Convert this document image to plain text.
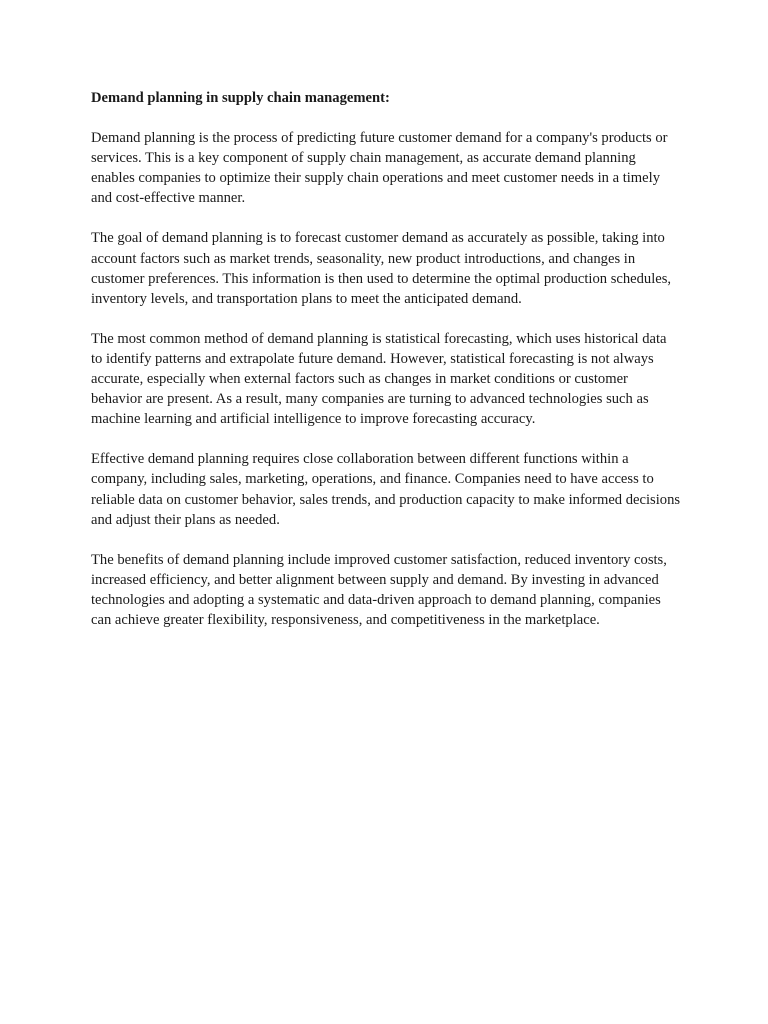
Demand planning in supply chain management:

Demand planning is the process of predicting future customer demand for a company's products or services. This is a key component of supply chain management, as accurate demand planning enables companies to optimize their supply chain operations and meet customer needs in a timely and cost-effective manner.

The goal of demand planning is to forecast customer demand as accurately as possible, taking into account factors such as market trends, seasonality, new product introductions, and changes in customer preferences. This information is then used to determine the optimal production schedules, inventory levels, and transportation plans to meet the anticipated demand.

The most common method of demand planning is statistical forecasting, which uses historical data to identify patterns and extrapolate future demand. However, statistical forecasting is not always accurate, especially when external factors such as changes in market conditions or customer behavior are present. As a result, many companies are turning to advanced technologies such as machine learning and artificial intelligence to improve forecasting accuracy.

Effective demand planning requires close collaboration between different functions within a company, including sales, marketing, operations, and finance. Companies need to have access to reliable data on customer behavior, sales trends, and production capacity to make informed decisions and adjust their plans as needed.

The benefits of demand planning include improved customer satisfaction, reduced inventory costs, increased efficiency, and better alignment between supply and demand. By investing in advanced technologies and adopting a systematic and data-driven approach to demand planning, companies can achieve greater flexibility, responsiveness, and competitiveness in the marketplace.
